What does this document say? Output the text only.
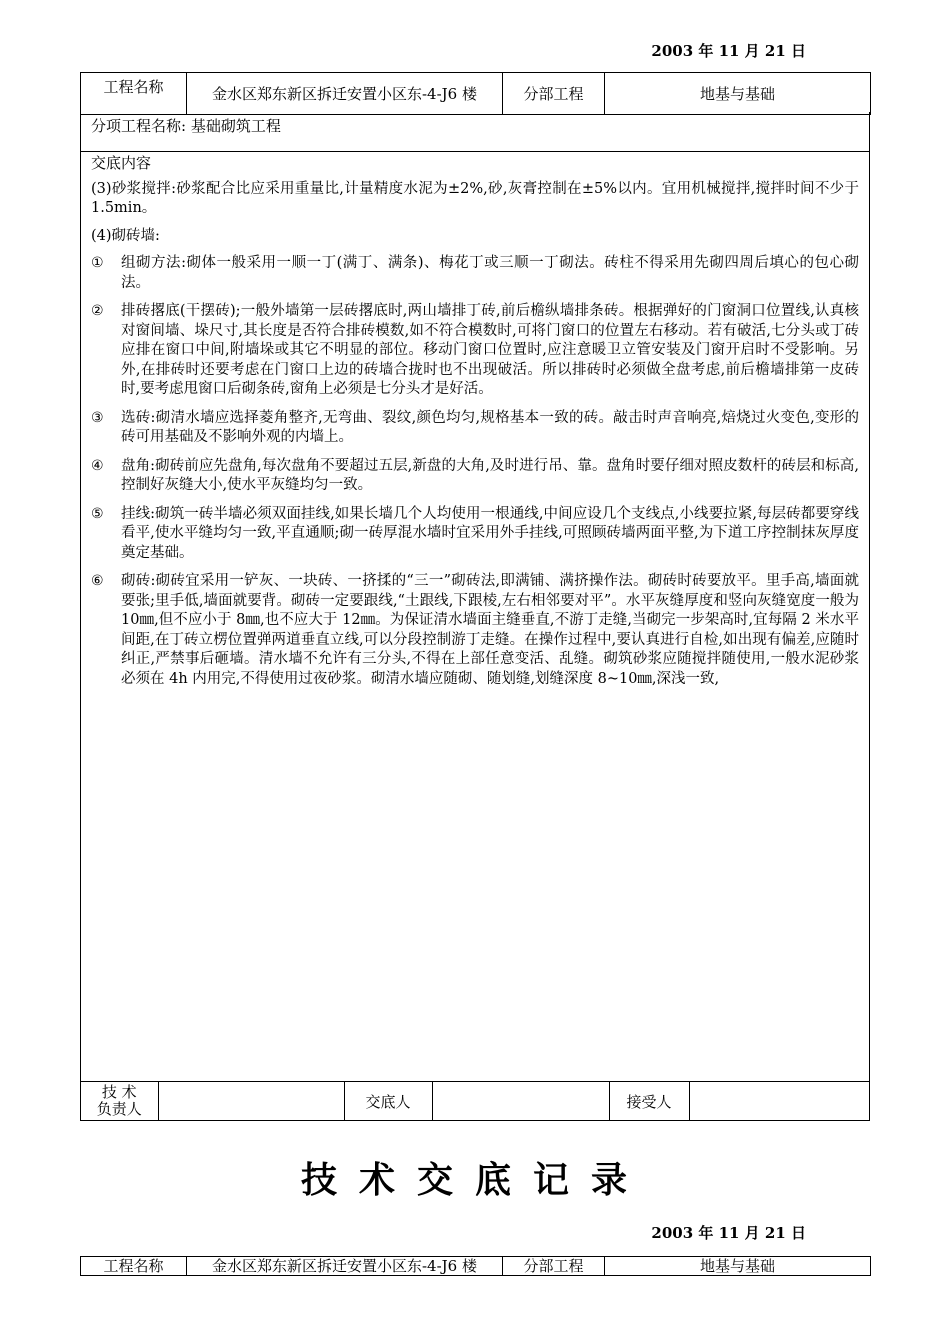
2003 年 11 月 21 日
工程名称	金水区郑东新区拆迁安置小区东-4-J6 楼	分部工程	地基与基础
分项工程名称: 基础砌筑工程
交底内容

(3)砂浆搅拌:砂浆配合比应采用重量比,计量精度水泥为±2%,砂,灰膏控制在±5%以内。宜用机械搅拌,搅拌时间不少于 1.5min。

(4)砌砖墙:

①	组砌方法:砌体一般采用一顺一丁(满丁、满条)、梅花丁或三顺一丁砌法。砖柱不得采用先砌四周后填心的包心砌法。
②	排砖撂底(干摆砖);一般外墙第一层砖撂底时,两山墙排丁砖,前后檐纵墙排条砖。根据弹好的门窗洞口位置线,认真核对窗间墙、垛尺寸,其长度是否符合排砖模数,如不符合模数时,可将门窗口的位置左右移动。若有破活,七分头或丁砖应排在窗口中间,附墙垛或其它不明显的部位。移动门窗口位置时,应注意暖卫立管安装及门窗开启时不受影响。另外,在排砖时还要考虑在门窗口上边的砖墙合拢时也不出现破活。所以排砖时必须做全盘考虑,前后檐墙排第一皮砖时,要考虑甩窗口后砌条砖,窗角上必须是七分头才是好活。
③	选砖:砌清水墙应选择菱角整齐,无弯曲、裂纹,颜色均匀,规格基本一致的砖。敲击时声音响亮,焙烧过火变色,变形的砖可用基础及不影响外观的内墙上。
④	盘角:砌砖前应先盘角,每次盘角不要超过五层,新盘的大角,及时进行吊、靠。盘角时要仔细对照皮数杆的砖层和标高,控制好灰缝大小,使水平灰缝均匀一致。
⑤	挂线:砌筑一砖半墙必须双面挂线,如果长墙几个人均使用一根通线,中间应设几个支线点,小线要拉紧,每层砖都要穿线看平,使水平缝均匀一致,平直通顺;砌一砖厚混水墙时宜采用外手挂线,可照顾砖墙两面平整,为下道工序控制抹灰厚度奠定基础。
⑥	砌砖:砌砖宜采用一铲灰、一块砖、一挤揉的“三一”砌砖法,即满铺、满挤操作法。砌砖时砖要放平。里手高,墙面就要张;里手低,墙面就要背。砌砖一定要跟线,“土跟线,下跟棱,左右相邻要对平”。水平灰缝厚度和竖向灰缝宽度一般为 10㎜,但不应小于 8㎜,也不应大于 12㎜。为保证清水墙面主缝垂直,不游丁走缝,当砌完一步架高时,宜每隔 2 米水平间距,在丁砖立楞位置弹两道垂直立线,可以分段控制游丁走缝。在操作过程中,要认真进行自检,如出现有偏差,应随时纠正,严禁事后砸墙。清水墙不允许有三分头,不得在上部任意变活、乱缝。砌筑砂浆应随搅拌随使用,一般水泥砂浆必须在 4h 内用完,不得使用过夜砂浆。砌清水墙应随砌、随划缝,划缝深度 8~10㎜,深浅一致,
技 术
负责人		交底人		接受人	
技术交底记录
2003 年 11 月 21 日
工程名称	金水区郑东新区拆迁安置小区东-4-J6 楼	分部工程	地基与基础
